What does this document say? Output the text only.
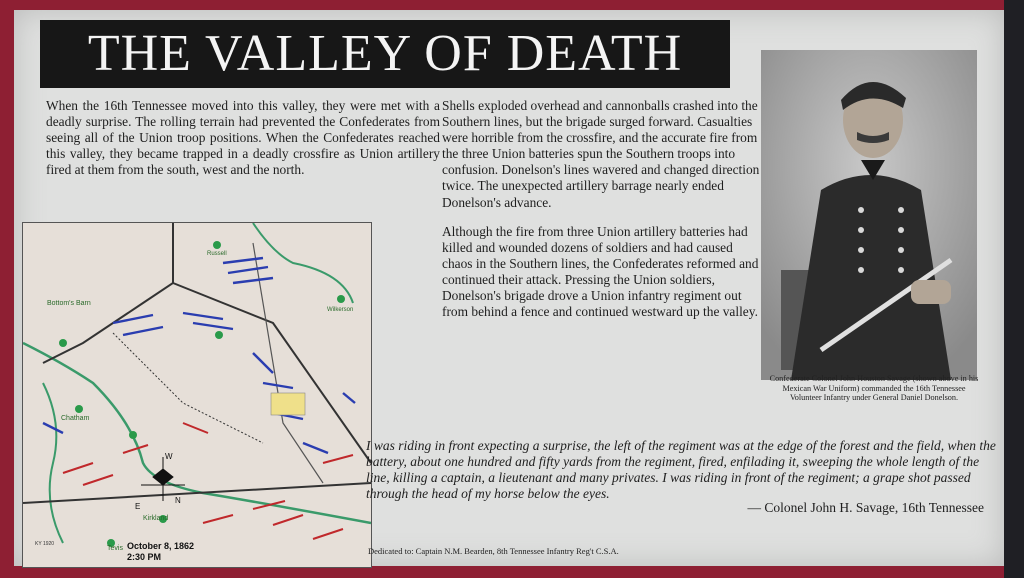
THE VALLEY OF DEATH

When the 16th Tennessee moved into this valley, they were met with a deadly surprise. The rolling terrain had prevented the Confederates from seeing all of the Union troop positions. When the Confederates reached this valley, they became trapped in a deadly crossfire as Union artillery fired at them from the south, west and the north.

Shells exploded overhead and cannonballs crashed into the Southern lines, but the brigade surged forward. Casualties were horrible from the crossfire, and the accurate fire from the three Union batteries spun the Southern troops into confusion. Donelson's lines wavered and changed direction twice. The unexpected artillery barrage nearly ended Donelson's advance.

Although the fire from three Union artillery batteries had killed and wounded dozens of soldiers and had caused chaos in the Southern lines, the Confederates reformed and continued their attack. Pressing the Union soldiers, Donelson's brigade drove a Union infantry regiment out from behind a fence and continued westward up the valley.

Confederate Colonel John Houston Savage (shown above in his Mexican War Uniform) commanded the 16th Tennessee Volunteer Infantry under General Daniel Donelson.
W
E
N
October 8, 1862
2:30 PM
KY 1920
Bottom's Barn
Kirkland
Tevis
Wilkerson
Chatham
Russell
I was riding in front expecting a surprise, the left of the regiment was at the edge of the forest and the field, when the battery, about one hundred and fifty yards from the regiment, fired, enfilading it, sweeping the whole length of the line, killing a captain, a lieutenant and many privates. I was riding in front of the regiment; a grape shot passed through the head of my horse below the eyes.
— Colonel John H. Savage, 16th Tennessee
Dedicated to: Captain N.M. Bearden, 8th Tennessee Infantry Reg't C.S.A.
